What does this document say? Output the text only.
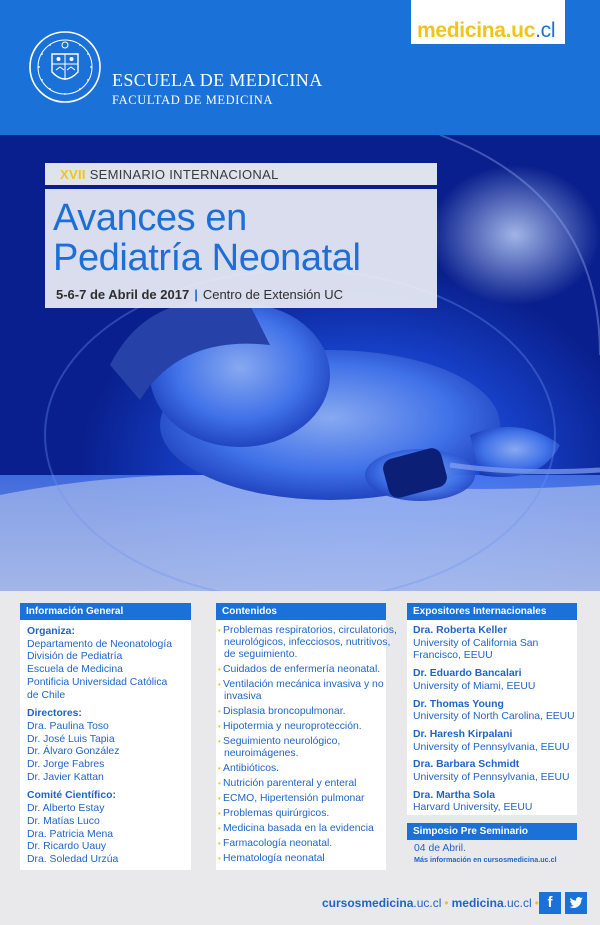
medicina.uc.cl
ESCUELA DE MEDICINA
FACULTAD DE MEDICINA
XVII SEMINARIO INTERNACIONAL
Avances en
Pediatría Neonatal
5-6-7 de Abril de 2017 | Centro de Extensión UC
Información General
Organiza:
Departamento de Neonatología
División de Pediatría
Escuela de Medicina
Pontificia Universidad Católica
de Chile
Directores:
Dra. Paulina Toso
Dr. José Luis Tapia
Dr. Álvaro González
Dr. Jorge Fabres
Dr. Javier Kattan
Comité Científico:
Dr. Alberto Estay
Dr. Matías Luco
Dra. Patricia Mena
Dr. Ricardo Uauy
Dra. Soledad Urzúa
Contenidos
• Problemas respiratorios, circulatorios, neurológicos, infecciosos, nutritivos, de seguimiento.
• Cuidados de enfermería neonatal.
• Ventilación mecánica invasiva y no invasiva
• Displasia broncopulmonar.
• Hipotermia y neuroprotección.
• Seguimiento neurológico, neuroimágenes.
• Antibióticos.
• Nutrición parenteral y enteral
• ECMO, Hipertensión pulmonar
• Problemas quirúrgicos.
• Medicina basada en la evidencia
• Farmacología neonatal.
• Hematología neonatal
Expositores Internacionales
Dra. Roberta Keller
University of California San Francisco, EEUU
Dr. Eduardo Bancalari
University of Miami, EEUU
Dr. Thomas Young
University of North Carolina, EEUU
Dr. Haresh Kirpalani
University of Pennsylvania, EEUU
Dra. Barbara Schmidt
University of Pennsylvania, EEUU
Dra. Martha Sola
Harvard University, EEUU
Simposio Pre Seminario
04 de Abril.
Más información en cursosmedicina.uc.cl
cursosmedicina.uc.cl • medicina.uc.cl • f
